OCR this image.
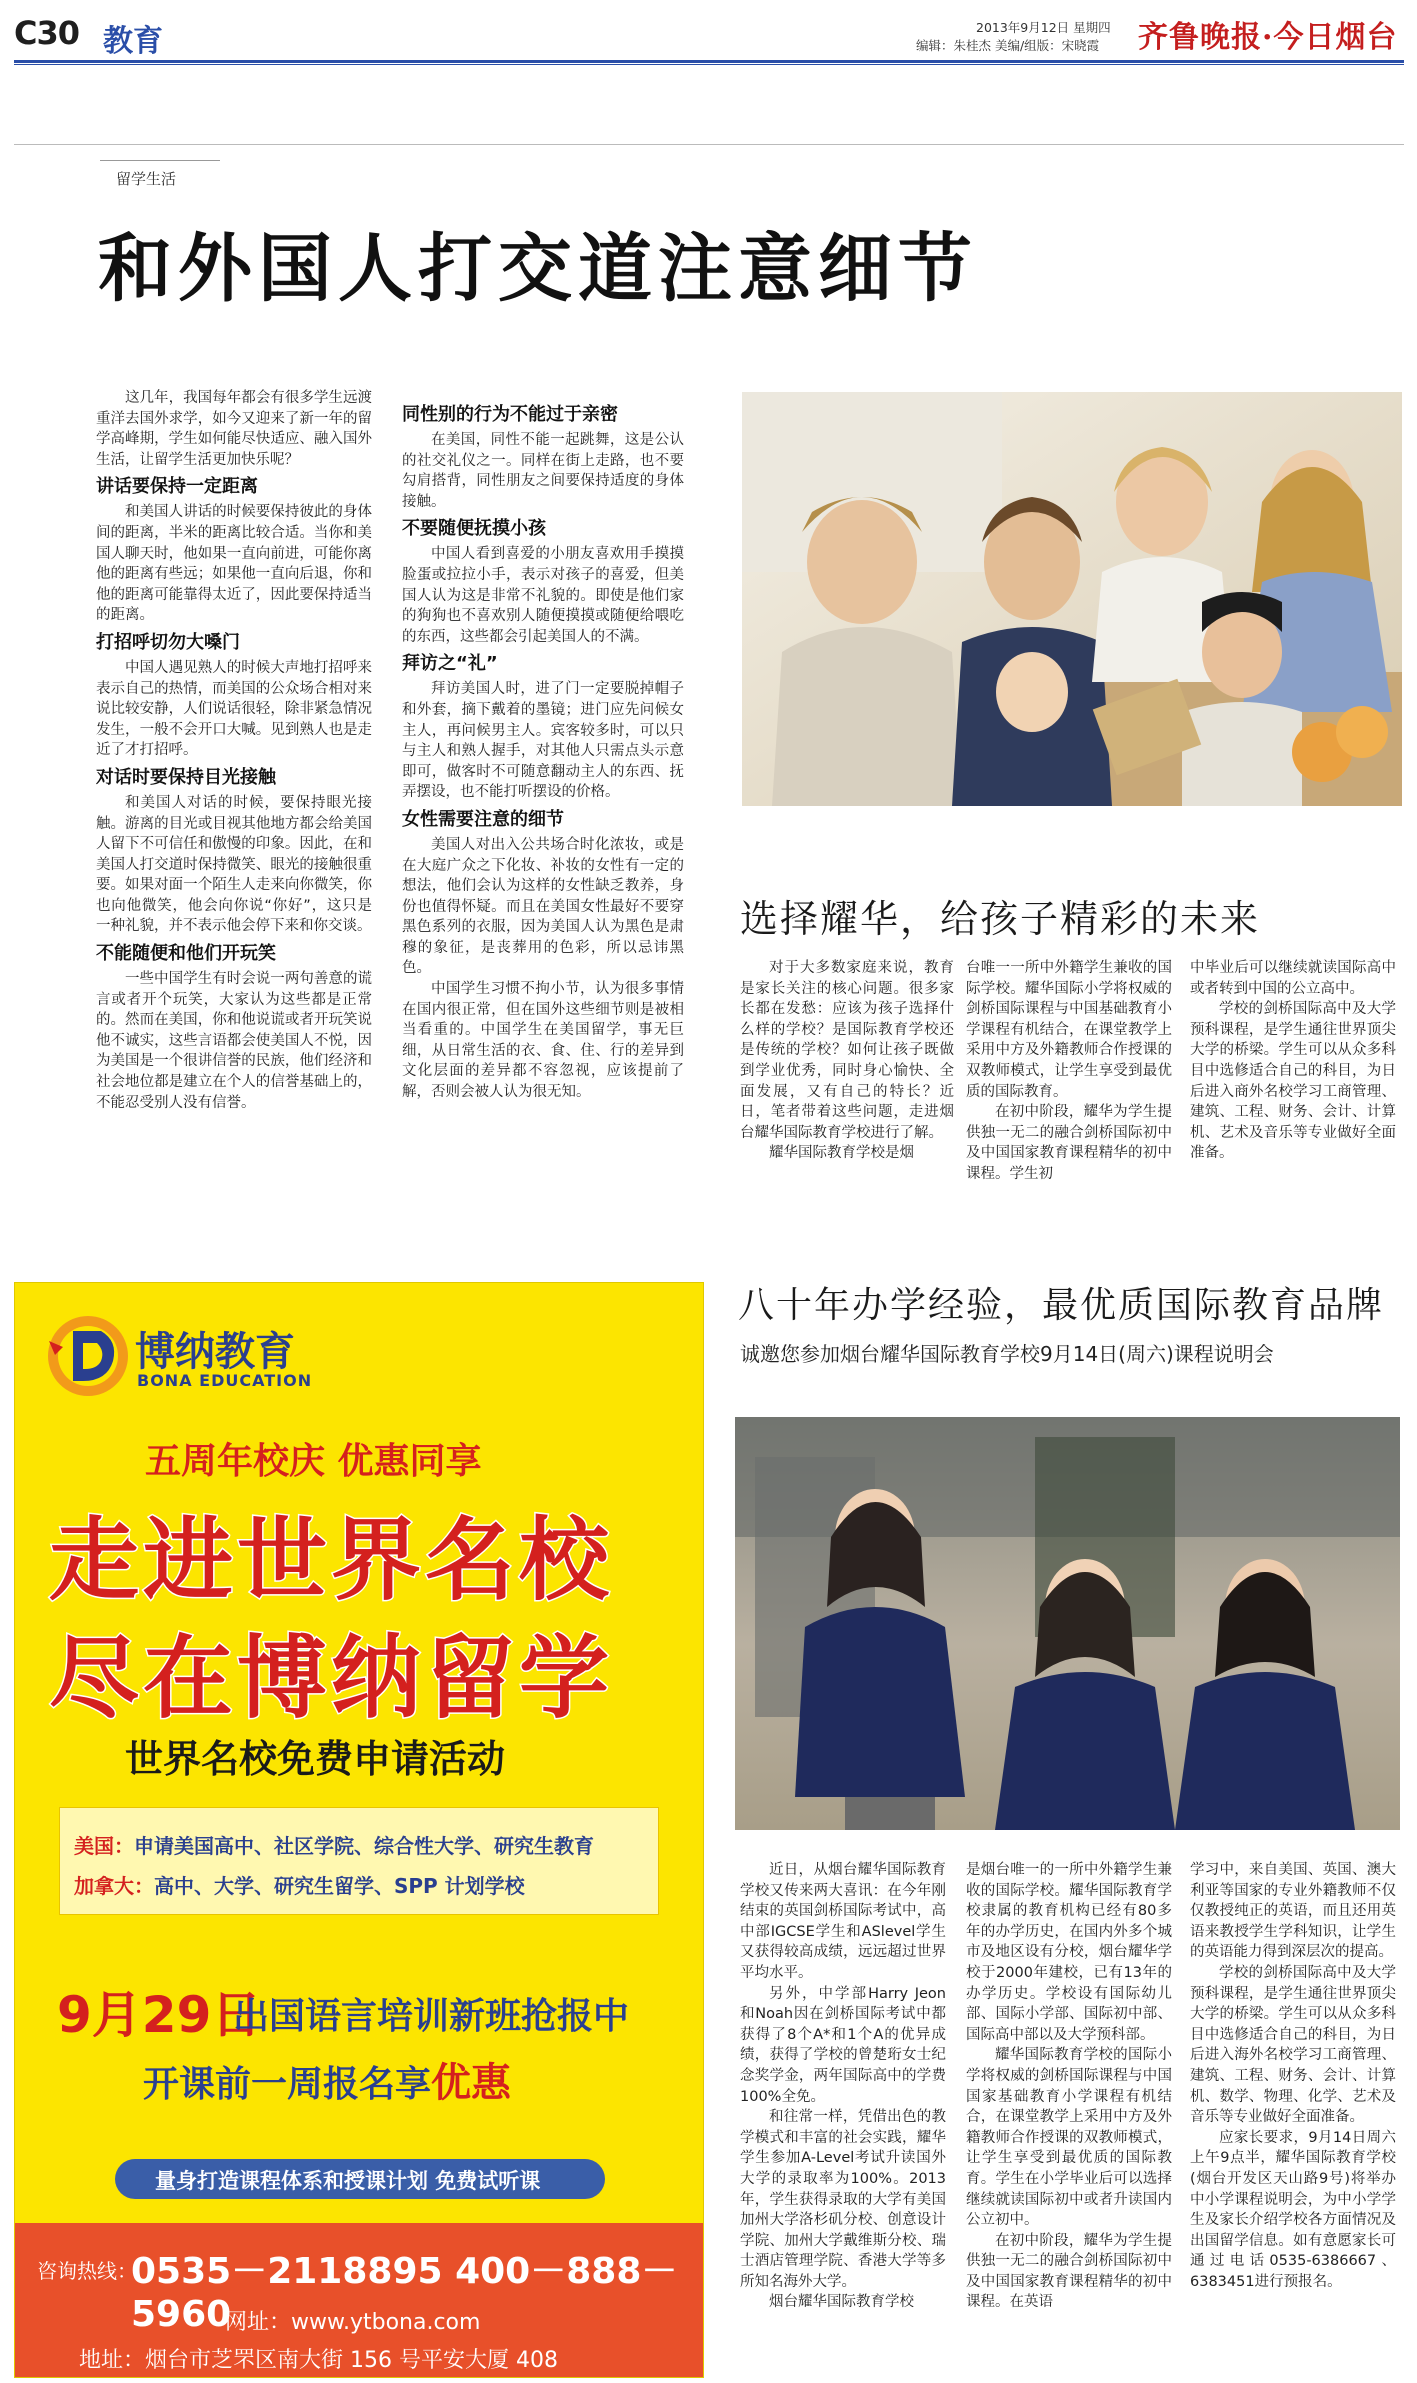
C30 教育	2013年9月12日 星期四
编辑：朱桂杰 美编/组版：宋晓霞 齐鲁晚报·今日烟台
留学生活
和外国人打交道注意细节

这几年，我国每年都会有很多学生远渡重洋去国外求学，如今又迎来了新一年的留学高峰期，学生如何能尽快适应、融入国外生活，让留学生活更加快乐呢？

讲话要保持一定距离

和美国人讲话的时候要保持彼此的身体间的距离，半米的距离比较合适。当你和美国人聊天时，他如果一直向前进，可能你离他的距离有些远；如果他一直向后退，你和他的距离可能靠得太近了，因此要保持适当的距离。

打招呼切勿大嗓门

中国人遇见熟人的时候大声地打招呼来表示自己的热情，而美国的公众场合相对来说比较安静，人们说话很轻，除非紧急情况发生，一般不会开口大喊。见到熟人也是走近了才打招呼。

对话时要保持目光接触

和美国人对话的时候，要保持眼光接触。游离的目光或目视其他地方都会给美国人留下不可信任和傲慢的印象。因此，在和美国人打交道时保持微笑、眼光的接触很重要。如果对面一个陌生人走来向你微笑，你也向他微笑，他会向你说“你好”，这只是一种礼貌，并不表示他会停下来和你交谈。

不能随便和他们开玩笑

一些中国学生有时会说一两句善意的谎言或者开个玩笑，大家认为这些都是正常的。然而在美国，你和他说谎或者开玩笑说他不诚实，这些言语都会使美国人不悦，因为美国是一个很讲信誉的民族，他们经济和社会地位都是建立在个人的信誉基础上的，不能忍受别人没有信誉。

同性别的行为不能过于亲密

在美国，同性不能一起跳舞，这是公认的社交礼仪之一。同样在街上走路，也不要勾肩搭背，同性朋友之间要保持适度的身体接触。

不要随便抚摸小孩

中国人看到喜爱的小朋友喜欢用手摸摸脸蛋或拉拉小手，表示对孩子的喜爱，但美国人认为这是非常不礼貌的。即使是他们家的狗狗也不喜欢别人随便摸摸或随便给喂吃的东西，这些都会引起美国人的不满。

拜访之“礼”

拜访美国人时，进了门一定要脱掉帽子和外套，摘下戴着的墨镜；进门应先问候女主人，再问候男主人。宾客较多时，可以只与主人和熟人握手，对其他人只需点头示意即可，做客时不可随意翻动主人的东西、抚弄摆设，也不能打听摆设的价格。

女性需要注意的细节

美国人对出入公共场合时化浓妆，或是在大庭广众之下化妆、补妆的女性有一定的想法，他们会认为这样的女性缺乏教养，身份也值得怀疑。而且在美国女性最好不要穿黑色系列的衣服，因为美国人认为黑色是肃穆的象征，是丧葬用的色彩，所以忌讳黑色。

中国学生习惯不拘小节，认为很多事情在国内很正常，但在国外这些细节则是被相当看重的。中国学生在美国留学，事无巨细，从日常生活的衣、食、住、行的差异到文化层面的差异都不容忽视，应该提前了解，否则会被人认为很无知。

选择耀华，给孩子精彩的未来

对于大多数家庭来说，教育是家长关注的核心问题。很多家长都在发愁：应该为孩子选择什么样的学校？是国际教育学校还是传统的学校？如何让孩子既做到学业优秀，同时身心愉快、全面发展，又有自己的特长？近日，笔者带着这些问题，走进烟台耀华国际教育学校进行了解。

耀华国际教育学校是烟

台唯一一所中外籍学生兼收的国际学校。耀华国际小学将权威的剑桥国际课程与中国基础教育小学课程有机结合，在课堂教学上采用中方及外籍教师合作授课的双教师模式，让学生享受到最优质的国际教育。

在初中阶段，耀华为学生提供独一无二的融合剑桥国际初中及中国国家教育课程精华的初中课程。学生初

中毕业后可以继续就读国际高中或者转到中国的公立高中。

学校的剑桥国际高中及大学预科课程，是学生通往世界顶尖大学的桥梁。学生可以从众多科目中选修适合自己的科目，为日后进入商外名校学习工商管理、建筑、工程、财务、会计、计算机、艺术及音乐等专业做好全面准备。

八十年办学经验，最优质国际教育品牌
诚邀您参加烟台耀华国际教育学校9月14日(周六)课程说明会

近日，从烟台耀华国际教育学校又传来两大喜讯：在今年刚结束的英国剑桥国际考试中，高中部IGCSE学生和ASlevel学生又获得较高成绩，远远超过世界平均水平。

另外，中学部Harry Jeon和Noah因在剑桥国际考试中都获得了8个A*和1个A的优异成绩，获得了学校的曾楚珩女士纪念奖学金，两年国际高中的学费100%全免。

和往常一样，凭借出色的教学模式和丰富的社会实践，耀华学生参加A-Level考试升读国外大学的录取率为100%。2013年，学生获得录取的大学有美国加州大学洛杉矶分校、创意设计学院、加州大学戴维斯分校、瑞士酒店管理学院、香港大学等多所知名海外大学。

烟台耀华国际教育学校

是烟台唯一的一所中外籍学生兼收的国际学校。耀华国际教育学校隶属的教育机构已经有80多年的办学历史，在国内外多个城市及地区设有分校，烟台耀华学校于2000年建校，已有13年的办学历史。学校设有国际幼儿部、国际小学部、国际初中部、国际高中部以及大学预科部。

耀华国际教育学校的国际小学将权威的剑桥国际课程与中国国家基础教育小学课程有机结合，在课堂教学上采用中方及外籍教师合作授课的双教师模式，让学生享受到最优质的国际教育。学生在小学毕业后可以选择继续就读国际初中或者升读国内公立初中。

在初中阶段，耀华为学生提供独一无二的融合剑桥国际初中及中国国家教育课程精华的初中课程。在英语

学习中，来自美国、英国、澳大利亚等国家的专业外籍教师不仅仅教授纯正的英语，而且还用英语来教授学生学科知识，让学生的英语能力得到深层次的提高。

学校的剑桥国际高中及大学预科课程，是学生通往世界顶尖大学的桥梁。学生可以从众多科目中选修适合自己的科目，为日后进入海外名校学习工商管理、建筑、工程、财务、会计、计算机、数学、物理、化学、艺术及音乐等专业做好全面准备。

应家长要求，9月14日周六上午9点半，耀华国际教育学校(烟台开发区天山路9号)将举办中小学课程说明会，为中小学学生及家长介绍学校各方面情况及出国留学信息。如有意愿家长可通过电话0535-6386667、6383451进行预报名。

博纳教育
BONA EDUCATION
五周年校庆 优惠同享
走进世界名校
尽在博纳留学
世界名校免费申请活动
美国：申请美国高中、社区学院、综合性大学、研究生教育
加拿大：高中、大学、研究生留学、SPP 计划学校
9月29日
出国语言培训新班抢报中
开课前一周报名享优惠
量身打造课程体系和授课计划 免费试听课
咨询热线：
0535－2118895 400－888－5960
网址：www.ytbona.com
地址：烟台市芝罘区南大街 156 号平安大厦 408
